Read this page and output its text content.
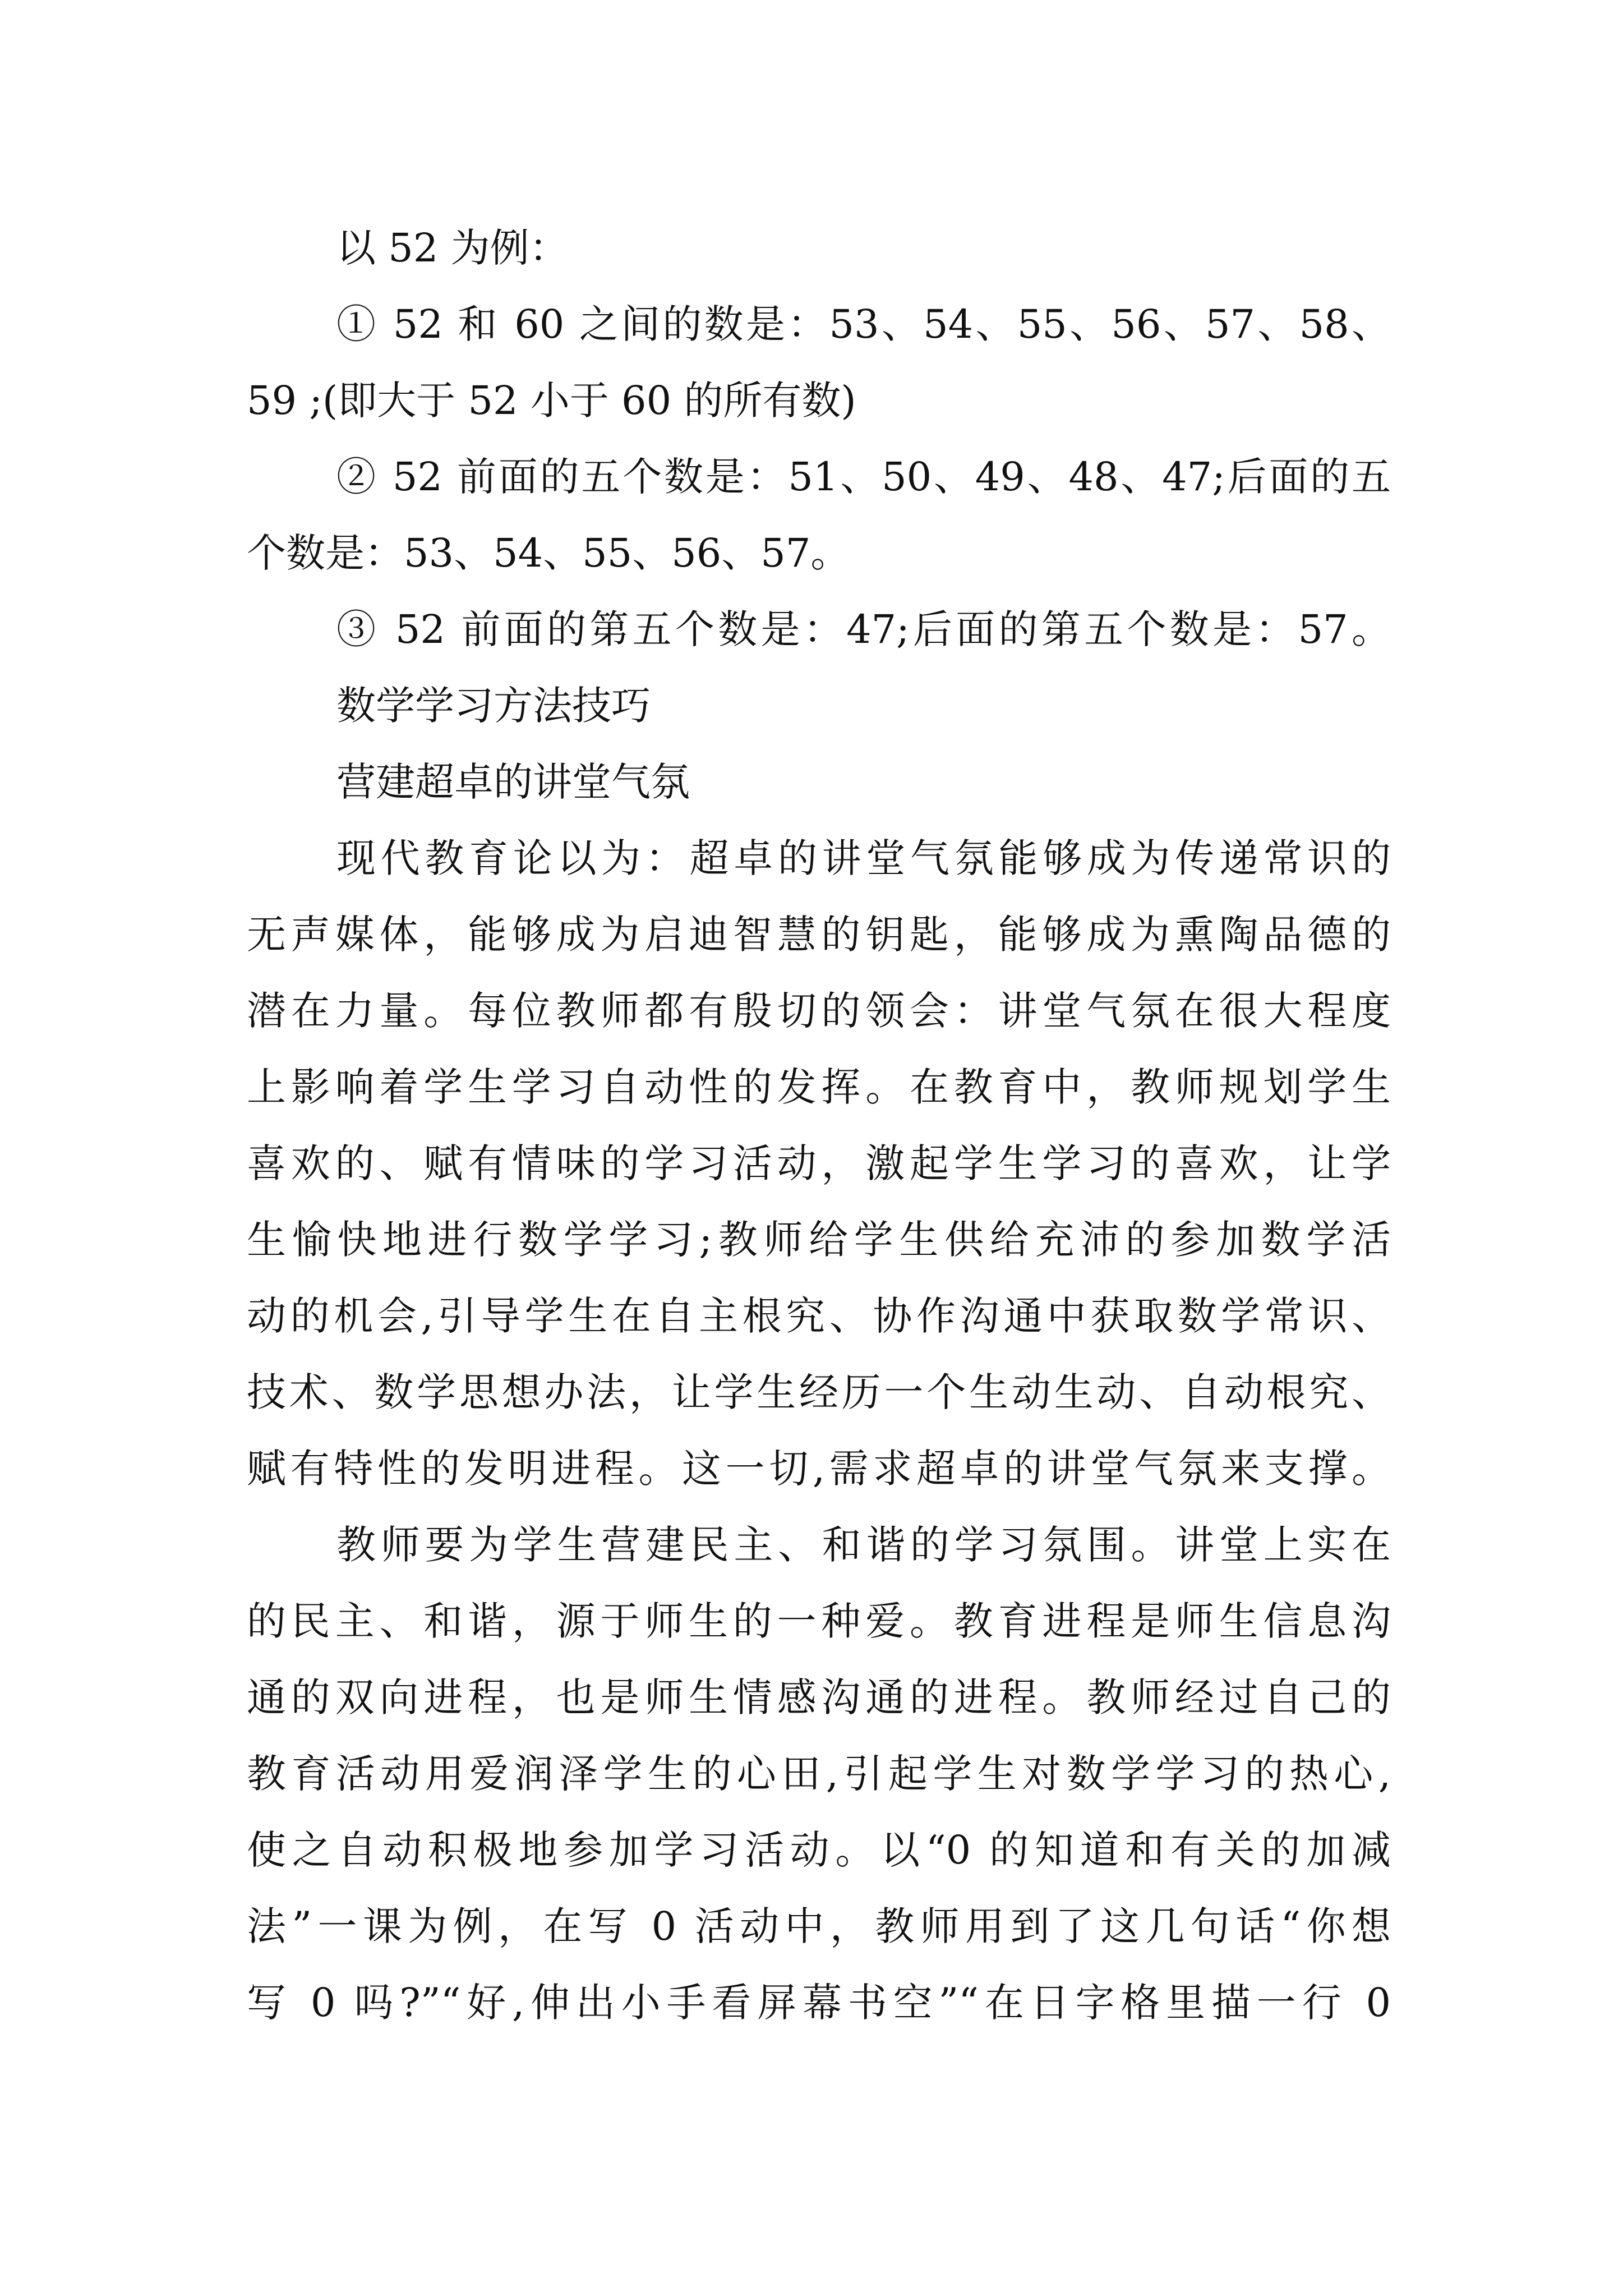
以 52 为例：
① 52 和 60 之间的数是：53、54、55、56、57、58、
59 ;(即大于 52 小于 60 的所有数)
② 52 前面的五个数是：51、50、49、48、47;后面的五
个数是：53、54、55、56、57。
③ 52 前面的第五个数是：47;后面的第五个数是：57。
数学学习方法技巧
营建超卓的讲堂气氛
现代教育论以为：超卓的讲堂气氛能够成为传递常识的
无声媒体，能够成为启迪智慧的钥匙，能够成为熏陶品德的
潜在力量。每位教师都有殷切的领会：讲堂气氛在很大程度
上影响着学生学习自动性的发挥。在教育中，教师规划学生
喜欢的、赋有情味的学习活动，激起学生学习的喜欢，让学
生愉快地进行数学学习;教师给学生供给充沛的参加数学活
动的机会,引导学生在自主根究、协作沟通中获取数学常识、
技术、数学思想办法，让学生经历一个生动生动、自动根究、
赋有特性的发明进程。这一切,需求超卓的讲堂气氛来支撑。
教师要为学生营建民主、和谐的学习氛围。讲堂上实在
的民主、和谐，源于师生的一种爱。教育进程是师生信息沟
通的双向进程，也是师生情感沟通的进程。教师经过自己的
教育活动用爱润泽学生的心田,引起学生对数学学习的热心,
使之自动积极地参加学习活动。以“0 的知道和有关的加减
法”一课为例，在写 0 活动中，教师用到了这几句话“你想
写 0 吗?”“好,伸出小手看屏幕书空”“在日字格里描一行 0
